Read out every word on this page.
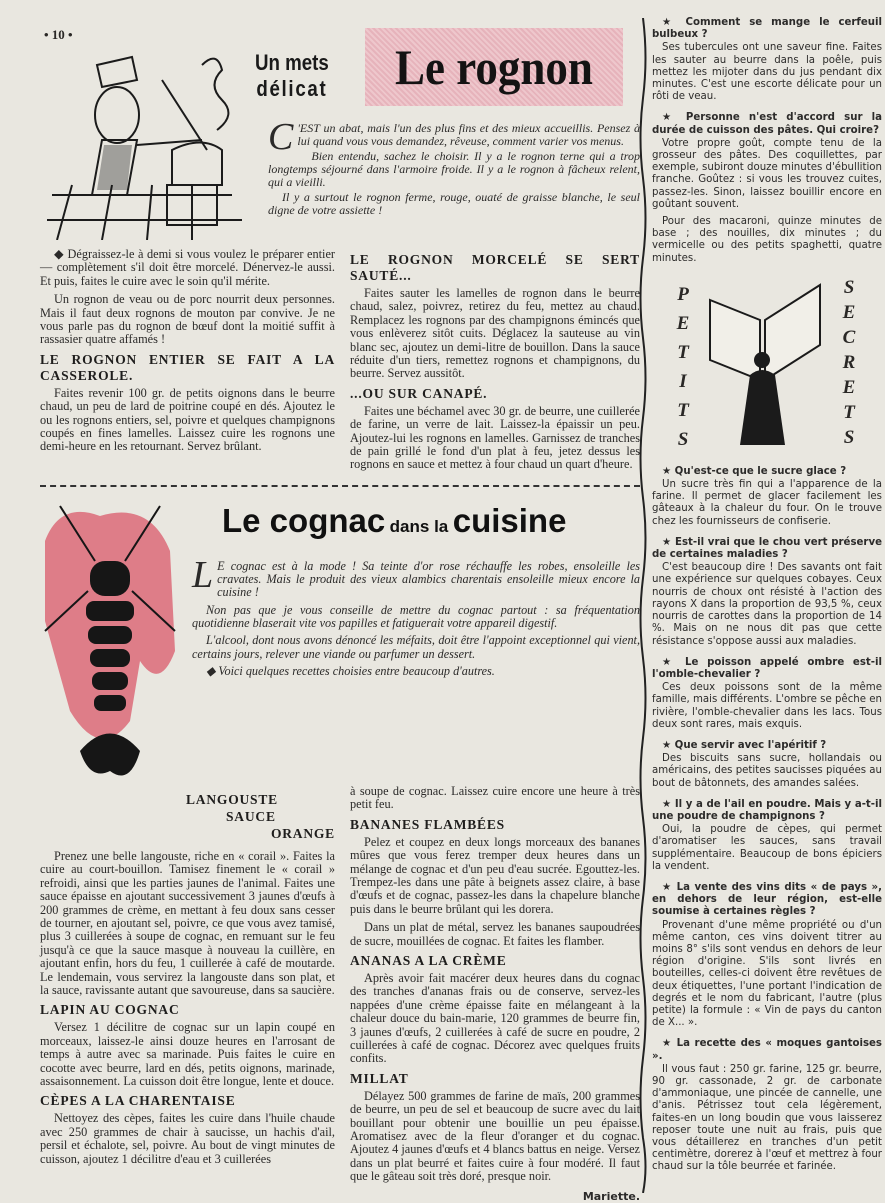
• 10 •
Un mets
délicat Le rognon
C 'EST un abat, mais l'un des plus fins et des mieux accueillis. Pensez à lui quand vous vous demandez, rêveuse, comment varier vos menus.

Bien entendu, sachez le choisir. Il y a le rognon terne qui a trop longtemps séjourné dans l'armoire froide. Il y a le rognon à fâcheux relent, qui a vieilli.

Il y a surtout le rognon ferme, rouge, ouaté de graisse blanche, le seul digne de votre assiette !

◆ Dégraissez-le à demi si vous voulez le préparer entier — complètement s'il doit être morcelé. Dénervez-le aussi. Et puis, faites le cuire avec le soin qu'il mérite.

Un rognon de veau ou de porc nourrit deux personnes. Mais il faut deux rognons de mouton par convive. Je ne vous parle pas du rognon de bœuf dont la moitié suffit à rassasier quatre affamés !

LE ROGNON ENTIER SE FAIT A LA CASSEROLE.

Faites revenir 100 gr. de petits oignons dans le beurre chaud, un peu de lard de poitrine coupé en dés. Ajoutez le ou les rognons entiers, sel, poivre et quelques champignons coupés en fines lamelles. Laissez cuire les rognons une demi-heure en les retournant. Servez brûlant.

LE ROGNON MORCELÉ SE SERT SAUTÉ...

Faites sauter les lamelles de rognon dans le beurre chaud, salez, poivrez, retirez du feu, mettez au chaud. Remplacez les rognons par des champignons émincés que vous enlèverez sitôt cuits. Déglacez la sauteuse au vin blanc sec, ajoutez un demi-litre de bouillon. Dans la sauce réduite d'un tiers, remettez rognons et champignons, du beurre. Servez aussitôt.

...OU SUR CANAPÉ.

Faites une béchamel avec 30 gr. de beurre, une cuillerée de farine, un verre de lait. Laissez-la épaissir un peu. Ajoutez-lui les rognons en lamelles. Garnissez de tranches de pain grillé le fond d'un plat à feu, jetez dessus les rognons en sauce et mettez à four chaud un quart d'heure.

Le cognac dans la cuisine
L E cognac est à la mode ! Sa teinte d'or rose réchauffe les robes, ensoleille les cravates. Mais le produit des vieux alambics charentais ensoleille mieux encore la cuisine !

Non pas que je vous conseille de mettre du cognac partout : sa fréquentation quotidienne blaserait vite vos papilles et fatiguerait votre appareil digestif.

L'alcool, dont nous avons dénoncé les méfaits, doit être l'appoint exceptionnel qui vient, certains jours, relever une viande ou parfumer un dessert.

◆ Voici quelques recettes choisies entre beaucoup d'autres.

LANGOUSTE
SAUCE
ORANGE

Prenez une belle langouste, riche en « corail ». Faites la cuire au court-bouillon. Tamisez finement le « corail » refroidi, ainsi que les parties jaunes de l'animal. Faites une sauce épaisse en ajoutant successivement 3 jaunes d'œufs à 200 grammes de crème, en mettant à feu doux sans cesser de tourner, en ajoutant sel, poivre, ce que vous avez tamisé, plus 3 cuillerées à soupe de cognac, en remuant sur le feu jusqu'à ce que la sauce masque à nouveau la cuillère, en ajoutant enfin, hors du feu, 1 cuillerée à café de moutarde. Le lendemain, vous servirez la langouste dans son plat, et la sauce, ravissante autant que savoureuse, dans sa saucière.

LAPIN AU COGNAC

Versez 1 décilitre de cognac sur un lapin coupé en morceaux, laissez-le ainsi douze heures en l'arrosant de temps à autre avec sa marinade. Puis faites le cuire en cocotte avec beurre, lard en dés, petits oignons, marinade, assaisonnement. La cuisson doit être longue, lente et douce.

CÈPES A LA CHARENTAISE

Nettoyez des cèpes, faites les cuire dans l'huile chaude avec 250 grammes de chair à saucisse, un hachis d'ail, persil et échalote, sel, poivre. Au bout de vingt minutes de cuisson, ajoutez 1 décilitre d'eau et 3 cuillerées

à soupe de cognac. Laissez cuire encore une heure à très petit feu.

BANANES FLAMBÉES

Pelez et coupez en deux longs morceaux des bananes mûres que vous ferez tremper deux heures dans un mélange de cognac et d'un peu d'eau sucrée. Egouttez-les. Trempez-les dans une pâte à beignets assez claire, à base d'œufs et de cognac, passez-les dans la chapelure blanche puis dans le beurre brûlant qui les dorera.

Dans un plat de métal, servez les bananes saupoudrées de sucre, mouillées de cognac. Et faites les flamber.

ANANAS A LA CRÈME

Après avoir fait macérer deux heures dans du cognac des tranches d'ananas frais ou de conserve, servez-les nappées d'une crème épaisse faite en mélangeant à la chaleur douce du bain-marie, 120 grammes de beurre fin, 3 jaunes d'œufs, 2 cuillerées à café de sucre en poudre, 2 cuillerées à café de cognac. Décorez avec quelques fruits confits.

MILLAT

Délayez 500 grammes de farine de maïs, 200 grammes de beurre, un peu de sel et beaucoup de sucre avec du lait bouillant pour obtenir une bouillie un peu épaisse. Aromatisez avec de la fleur d'oranger et du cognac. Ajoutez 4 jaunes d'œufs et 4 blancs battus en neige. Versez dans un plat beurré et faites cuire à four modéré. Il faut que le gâteau soit très doré, presque noir.

Mariette.
★ Comment se mange le cerfeuil bulbeux ?
Ses tubercules ont une saveur fine. Faites les sauter au beurre dans la poêle, puis mettez les mijoter dans du jus pendant dix minutes. C'est une escorte délicate pour un rôti de veau.
★ Personne n'est d'accord sur la durée de cuisson des pâtes. Qui croire?
Votre propre goût, compte tenu de la grosseur des pâtes. Des coquillettes, par exemple, subiront douze minutes d'ébullition franche. Goûtez : si vous les trouvez cuites, passez-les. Sinon, laissez bouillir encore en goûtant souvent.
Pour des macaroni, quinze minutes de base ; des nouilles, dix minutes ; du vermicelle ou des petits spaghetti, quatre minutes.
PETITS
SECRETS
★ Qu'est-ce que le sucre glace ?
Un sucre très fin qui a l'apparence de la farine. Il permet de glacer facilement les gâteaux à la chaleur du four. On le trouve chez les fournisseurs de confiserie.
★ Est-il vrai que le chou vert préserve de certaines maladies ?
C'est beaucoup dire ! Des savants ont fait une expérience sur quelques cobayes. Ceux nourris de choux ont résisté à l'action des rayons X dans la proportion de 93,5 %, ceux nourris de carottes dans la proportion de 14 %. Mais on ne nous dit pas que cette résistance s'oppose aussi aux maladies.
★ Le poisson appelé ombre est-il l'omble-chevalier ?
Ces deux poissons sont de la même famille, mais différents. L'ombre se pêche en rivière, l'omble-chevalier dans les lacs. Tous deux sont rares, mais exquis.
★ Que servir avec l'apéritif ?
Des biscuits sans sucre, hollandais ou américains, des petites saucisses piquées au bout de bâtonnets, des amandes salées.
★ Il y a de l'ail en poudre. Mais y a-t-il une poudre de champignons ?
Oui, la poudre de cèpes, qui permet d'aromatiser les sauces, sans travail supplémentaire. Beaucoup de bons épiciers la vendent.
★ La vente des vins dits « de pays », en dehors de leur région, est-elle soumise à certaines règles ?
Provenant d'une même propriété ou d'un même canton, ces vins doivent titrer au moins 8° s'ils sont vendus en dehors de leur région d'origine. S'ils sont livrés en bouteilles, celles-ci doivent être revêtues de deux étiquettes, l'une portant l'indication de degrés et le nom du fabricant, l'autre (plus petite) la formule : « Vin de pays du canton de X... ».
★ La recette des « moques gantoises ».
Il vous faut : 250 gr. farine, 125 gr. beurre, 90 gr. cassonade, 2 gr. de carbonate d'ammoniaque, une pincée de cannelle, une d'anis. Pétrissez tout cela légèrement, faites-en un long boudin que vous laisserez reposer toute une nuit au frais, puis que vous détaillerez en tranches d'un petit centimètre, dorerez à l'œuf et mettrez à four chaud sur la tôle beurrée et farinée.
